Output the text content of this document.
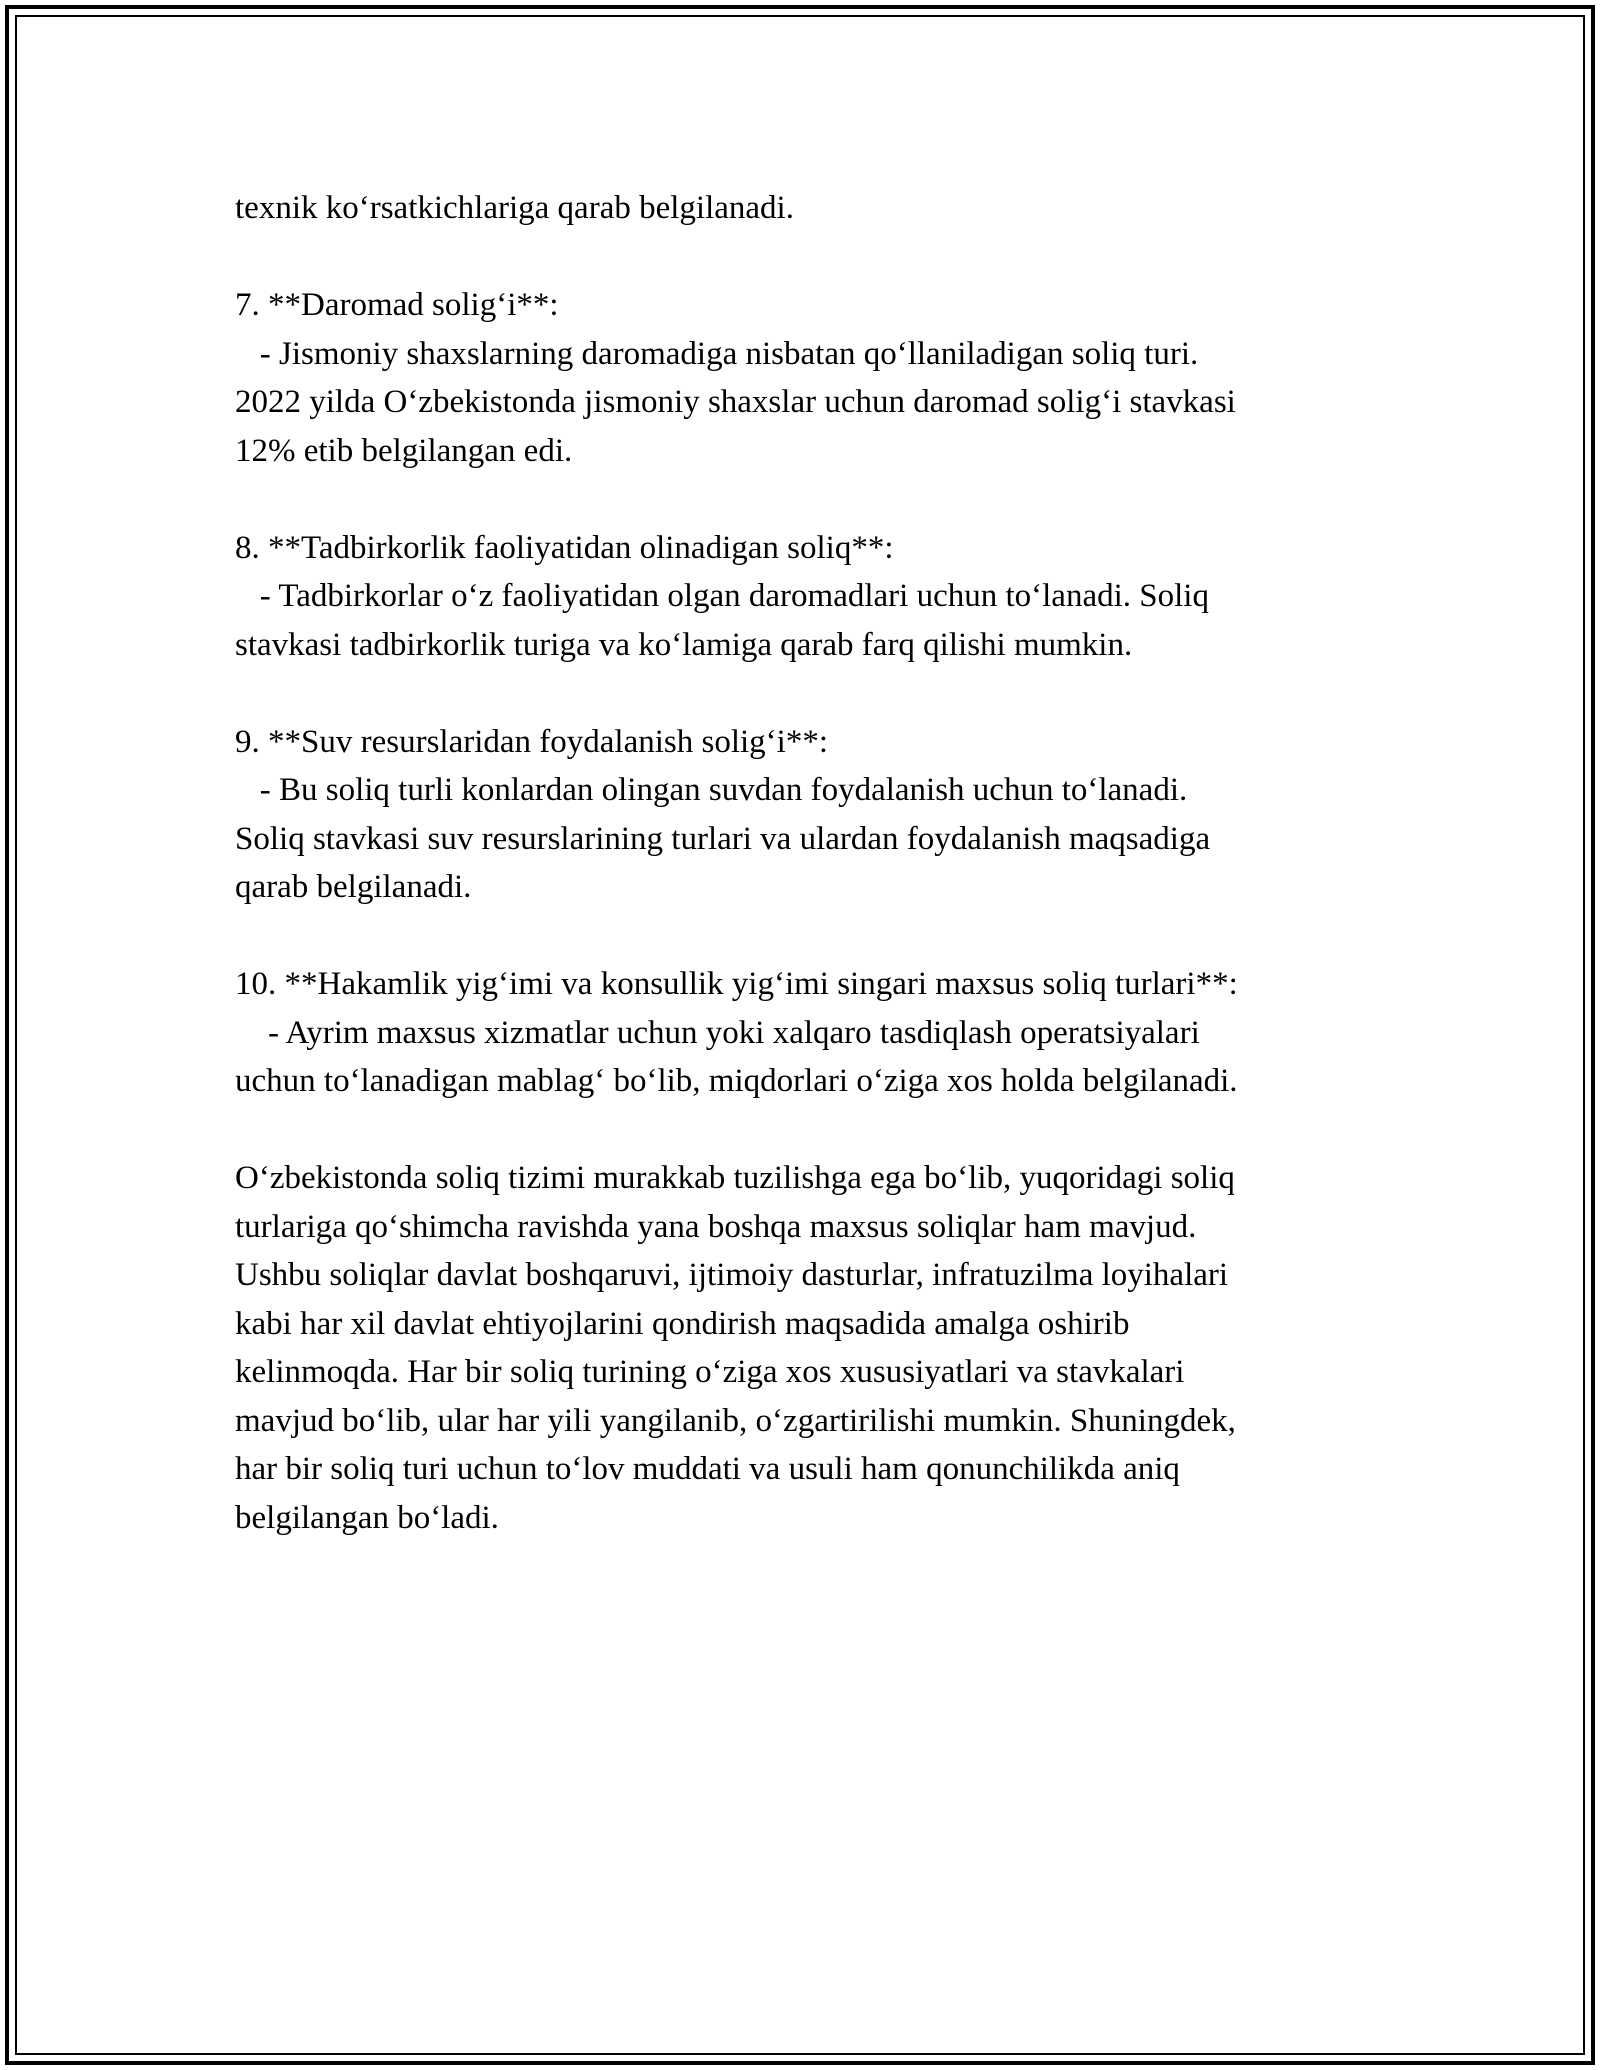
texnik ko‘rsatkichlariga qarab belgilanadi.

7. **Daromad solig‘i**:

- Jismoniy shaxslarning daromadiga nisbatan qo‘llaniladigan soliq turi.

2022 yilda O‘zbekistonda jismoniy shaxslar uchun daromad solig‘i stavkasi

12% etib belgilangan edi.

8. **Tadbirkorlik faoliyatidan olinadigan soliq**:

- Tadbirkorlar o‘z faoliyatidan olgan daromadlari uchun to‘lanadi. Soliq

stavkasi tadbirkorlik turiga va ko‘lamiga qarab farq qilishi mumkin.

9. **Suv resurslaridan foydalanish solig‘i**:

- Bu soliq turli konlardan olingan suvdan foydalanish uchun to‘lanadi.

Soliq stavkasi suv resurslarining turlari va ulardan foydalanish maqsadiga

qarab belgilanadi.

10. **Hakamlik yig‘imi va konsullik yig‘imi singari maxsus soliq turlari**:

- Ayrim maxsus xizmatlar uchun yoki xalqaro tasdiqlash operatsiyalari

uchun to‘lanadigan mablag‘ bo‘lib, miqdorlari o‘ziga xos holda belgilanadi.

O‘zbekistonda soliq tizimi murakkab tuzilishga ega bo‘lib, yuqoridagi soliq

turlariga qo‘shimcha ravishda yana boshqa maxsus soliqlar ham mavjud.

Ushbu soliqlar davlat boshqaruvi, ijtimoiy dasturlar, infratuzilma loyihalari

kabi har xil davlat ehtiyojlarini qondirish maqsadida amalga oshirib

kelinmoqda. Har bir soliq turining o‘ziga xos xususiyatlari va stavkalari

mavjud bo‘lib, ular har yili yangilanib, o‘zgartirilishi mumkin. Shuningdek,

har bir soliq turi uchun to‘lov muddati va usuli ham qonunchilikda aniq

belgilangan bo‘ladi.
